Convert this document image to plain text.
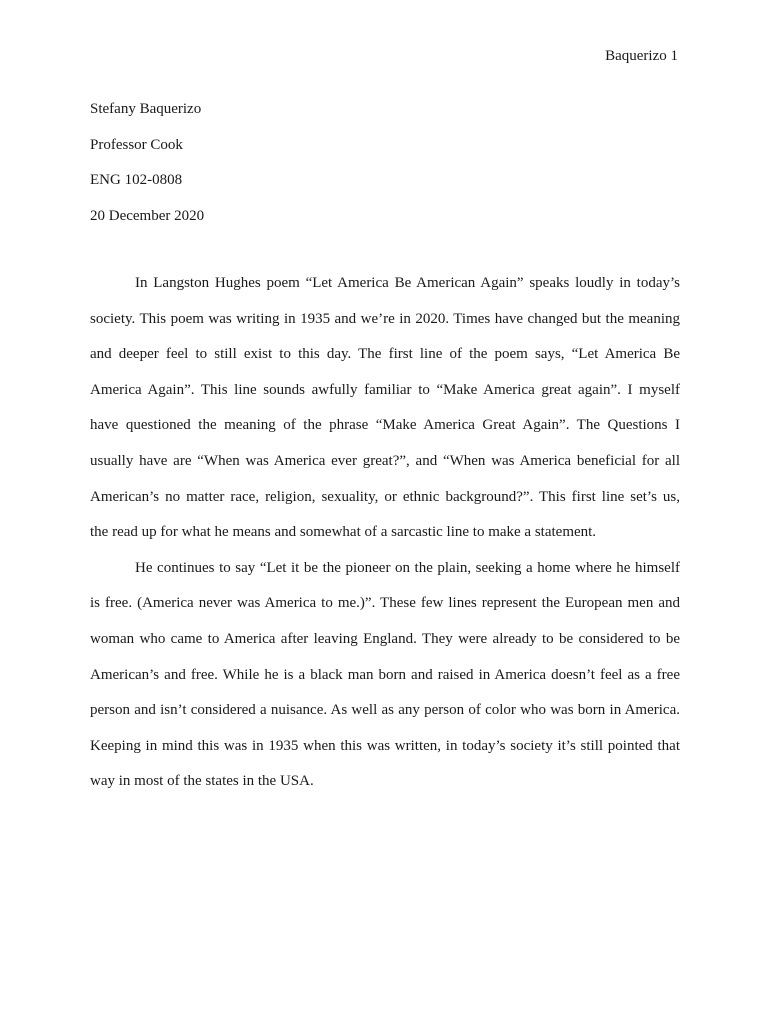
Baquerizo 1
Stefany Baquerizo
Professor Cook
ENG 102-0808
20 December 2020
In Langston Hughes poem “Let America Be American Again” speaks loudly in today’s
society. This poem was writing in 1935 and we’re in 2020. Times have changed but the meaning
and deeper feel to still exist to this day. The first line of the poem says, “Let America Be
America Again”. This line sounds awfully familiar to “Make America great again”. I myself
have questioned the meaning of the phrase “Make America Great Again”. The Questions I
usually have are “When was America ever great?”, and “When was America beneficial for all
American’s no matter race, religion, sexuality, or ethnic background?”. This first line set’s us,
the read up for what he means and somewhat of a sarcastic line to make a statement.
He continues to say “Let it be the pioneer on the plain, seeking a home where he himself
is free. (America never was America to me.)”. These few lines represent the European men and
woman who came to America after leaving England. They were already to be considered to be
American’s and free. While he is a black man born and raised in America doesn’t feel as a free
person and isn’t considered a nuisance. As well as any person of color who was born in America.
Keeping in mind this was in 1935 when this was written, in today’s society it’s still pointed that
way in most of the states in the USA.
